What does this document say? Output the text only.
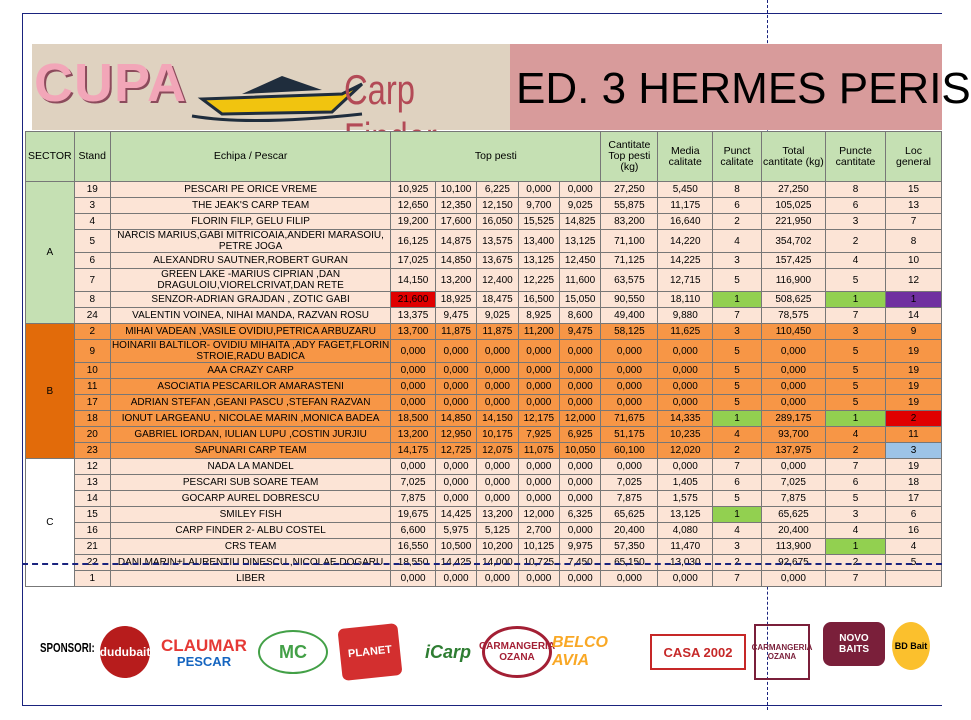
CUPA	Carp	ED. 3 HERMES PERIS
SECTOR	Stand	Echipa / Pescar	Top pesti					Cantitate Top pesti (kg)	Media calitate	Punct calitate	Total cantitate (kg)	Puncte cantitate	Loc general
A	19	PESCARI PE ORICE VREME	10,925	10,100	6,225	0,000	0,000	27,250	5,450	8	27,250	8	15
	3	THE JEAK'S CARP TEAM	12,650	12,350	12,150	9,700	9,025	55,875	11,175	6	105,025	6	13
	4	FLORIN FILP, GELU FILIP	19,200	17,600	16,050	15,525	14,825	83,200	16,640	2	221,950	3	7
	5	NARCIS MARIUS,GABI MITRICOAIA,ANDERI MARASOIU, PETRE JOGA	16,125	14,875	13,575	13,400	13,125	71,100	14,220	4	354,702	2	8
	6	ALEXANDRU SAUTNER,ROBERT GURAN	17,025	14,850	13,675	13,125	12,450	71,125	14,225	3	157,425	4	10
	7	GREEN LAKE -MARIUS CIPRIAN ,DAN DRAGULOIU,VIORELCRIVAT,DAN RETE	14,150	13,200	12,400	12,225	11,600	63,575	12,715	5	116,900	5	12
	8	SENZOR-ADRIAN GRAJDAN , ZOTIC GABI	21,600	18,925	18,475	16,500	15,050	90,550	18,110	1	508,625	1	1
	24	VALENTIN VOINEA, NIHAI MANDA, RAZVAN ROSU	13,375	9,475	9,025	8,925	8,600	49,400	9,880	7	78,575	7	14
B	2	MIHAI VADEAN ,VASILE OVIDIU,PETRICA ARBUZARU	13,700	11,875	11,875	11,200	9,475	58,125	11,625	3	110,450	3	9
	9	HOINARII BALTILOR- OVIDIU MIHAITA ,ADY FAGET,FLORIN STROIE,RADU BADICA	0,000	0,000	0,000	0,000	0,000	0,000	0,000	5	0,000	5	19
	10	AAA CRAZY CARP	0,000	0,000	0,000	0,000	0,000	0,000	0,000	5	0,000	5	19
	11	ASOCIATIA PESCARILOR AMARASTENI	0,000	0,000	0,000	0,000	0,000	0,000	0,000	5	0,000	5	19
	17	ADRIAN STEFAN ,GEANI PASCU ,STEFAN RAZVAN	0,000	0,000	0,000	0,000	0,000	0,000	0,000	5	0,000	5	19
	18	IONUT LARGEANU , NICOLAE MARIN ,MONICA BADEA	18,500	14,850	14,150	12,175	12,000	71,675	14,335	1	289,175	1	2
	20	GABRIEL IORDAN, IULIAN LUPU ,COSTIN JURJIU	13,200	12,950	10,175	7,925	6,925	51,175	10,235	4	93,700	4	11
	23	SAPUNARI CARP TEAM	14,175	12,725	12,075	11,075	10,050	60,100	12,020	2	137,975	2	3
C	12	NADA LA MANDEL	0,000	0,000	0,000	0,000	0,000	0,000	0,000	7	0,000	7	19
	13	PESCARI SUB SOARE TEAM	7,025	0,000	0,000	0,000	0,000	7,025	1,405	6	7,025	6	18
	14	GOCARP AUREL DOBRESCU	7,875	0,000	0,000	0,000	0,000	7,875	1,575	5	7,875	5	17
	15	SMILEY FISH	19,675	14,425	13,200	12,000	6,325	65,625	13,125	1	65,625	3	6
	16	CARP FINDER 2- ALBU COSTEL	6,600	5,975	5,125	2,700	0,000	20,400	4,080	4	20,400	4	16
	21	CRS TEAM	16,550	10,500	10,200	10,125	9,975	57,350	11,470	3	113,900	1	4
	22	DANI MARIN+LAURENTIU DINESCU ,NICOLAE DOGARU	18,550	14,425	14,000	10,725	7,450	65,150	13,030	2	92,675	2	5
	1	LIBER	0,000	0,000	0,000	0,000	0,000	0,000	0,000	7	0,000	7	
SPONSORI: dudubait CLAUMAR
PESCAR	MC	PLANET iCarp CARMANGERIA
OZANA
BELCO AVIA	CASA 2002 CARMANGERIA
OZANA
NOVO
BAITS	BD Bait
